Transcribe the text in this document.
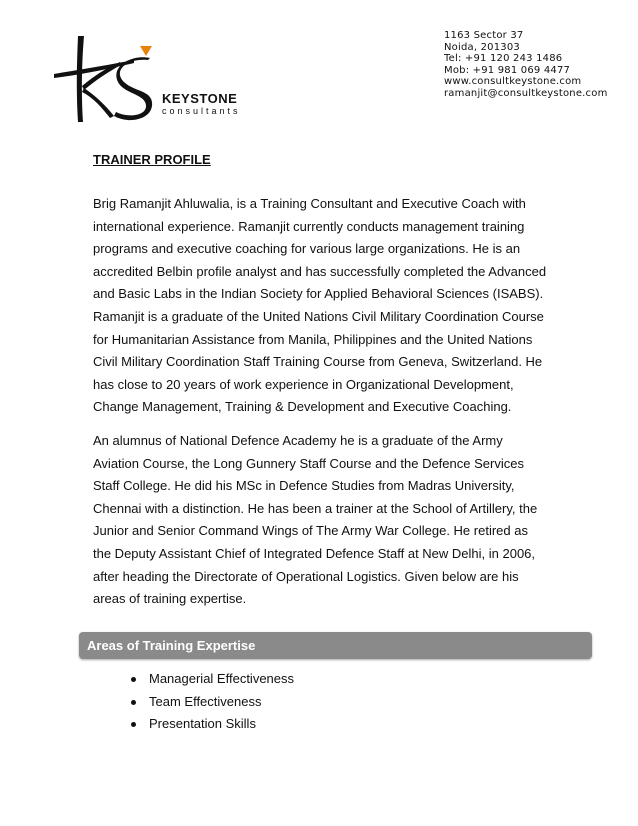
KEYSTONE
consultants
1163 Sector 37
Noida, 201303
Tel: +91 120 243 1486
Mob: +91 981 069 4477
www.consultkeystone.com
ramanjit@consultkeystone.com
TRAINER PROFILE

Brig Ramanjit Ahluwalia, is a Training Consultant and Executive Coach with international experience. Ramanjit currently conducts management training programs and executive coaching for various large organizations. He is an accredited Belbin profile analyst and has successfully completed the Advanced and Basic Labs in the Indian Society for Applied Behavioral Sciences (ISABS). Ramanjit is a graduate of the United Nations Civil Military Coordination Course for Humanitarian Assistance from Manila, Philippines and the United Nations Civil Military Coordination Staff Training Course from Geneva, Switzerland. He has close to 20 years of work experience in Organizational Development, Change Management, Training & Development and Executive Coaching.

An alumnus of National Defence Academy he is a graduate of the Army Aviation Course, the Long Gunnery Staff Course and the Defence Services Staff College. He did his MSc in Defence Studies from Madras University, Chennai with a distinction. He has been a trainer at the School of Artillery, the Junior and Senior Command Wings of The Army War College. He retired as the Deputy Assistant Chief of Integrated Defence Staff at New Delhi, in 2006, after heading the Directorate of Operational Logistics. Given below are his areas of training expertise.

Areas of Training Expertise
Managerial Effectiveness
Team Effectiveness
Presentation Skills
